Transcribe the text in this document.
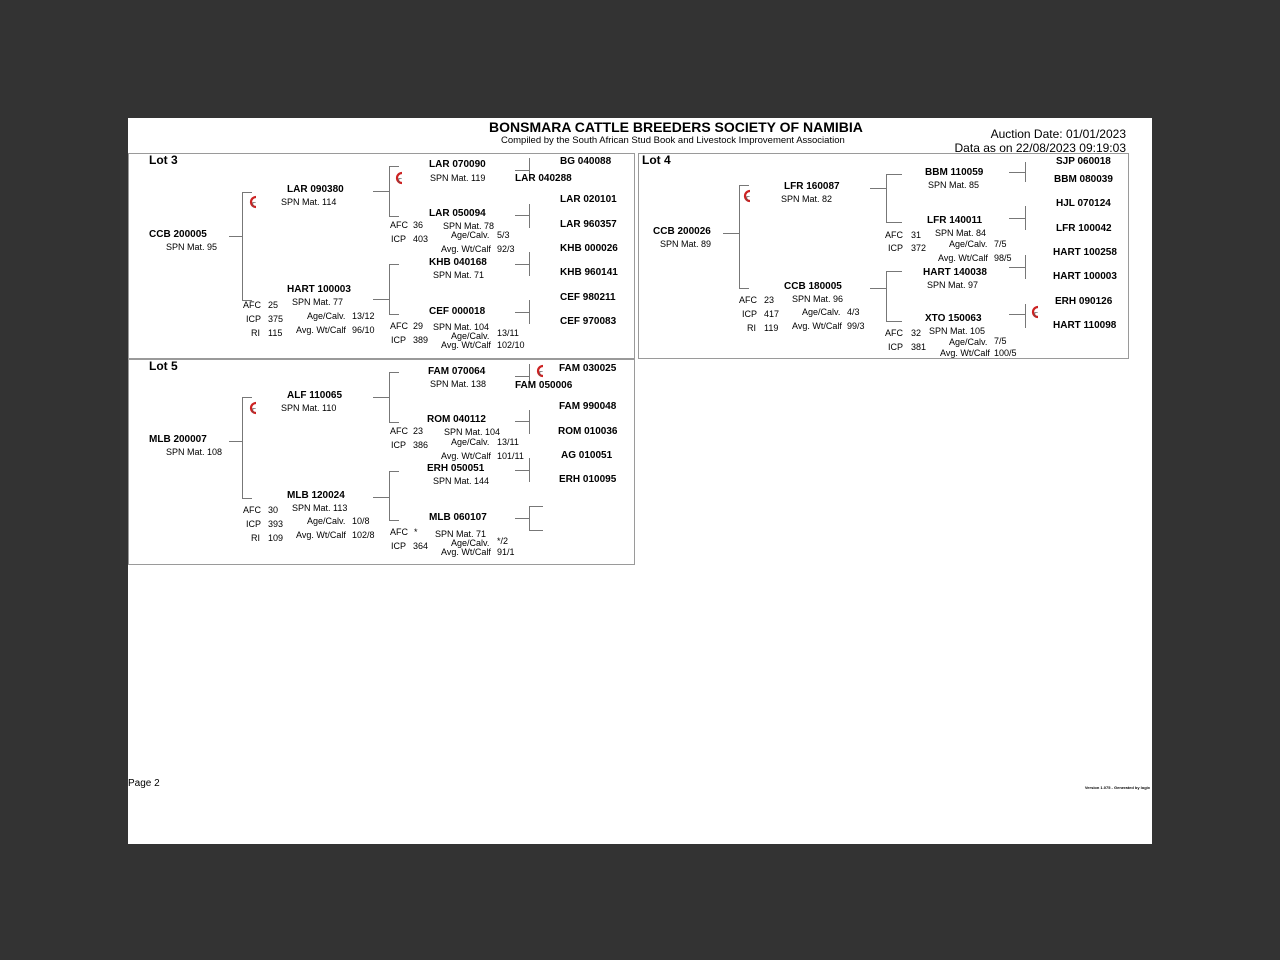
BONSMARA CATTLE BREEDERS SOCIETY OF NAMIBIA
Compiled by the South African Stud Book and Livestock Improvement Association	Auction Date: 01/01/2023
Data as on 22/08/2023 09:19:03
Lot 3
CCB 200005
SPN Mat. 95
Γ
LAR 090380
SPN Mat. 114
Γ
LAR 070090
SPN Mat. 119
LAR 050094
SPN Mat. 78
AFC 36
Age/Calv. 5/3
ICP 403
Avg. Wt/Calf 92/3
HART 100003
SPN Mat. 77
AFC 25
Age/Calv. 13/12
ICP 375
Avg. Wt/Calf 96/10
RI 115
KHB 040168
SPN Mat. 71
CEF 000018
SPN Mat. 104
AFC 29
Age/Calv. 13/11
ICP 389 Avg. Wt/Calf 102/10
BG 040088
LAR 040288
LAR 020101
LAR 960357
KHB 000026
KHB 960141
CEF 980211
CEF 970083
Lot 4
CCB 200026
SPN Mat. 89
Γ
LFR 160087
SPN Mat. 82
BBM 110059
SPN Mat. 85
LFR 140011
SPN Mat. 84
AFC 31
Age/Calv. 7/5
ICP 372
Avg. Wt/Calf 98/5
CCB 180005
SPN Mat. 96
AFC 23
Age/Calv. 4/3
ICP 417
Avg. Wt/Calf 99/3
RI 119
HART 140038
SPN Mat. 97
XTO 150063
SPN Mat. 105
AFC 32
Age/Calv. 7/5
ICP 381
Avg. Wt/Calf 100/5
Γ
SJP 060018
BBM 080039
HJL 070124
LFR 100042
HART 100258
HART 100003
ERH 090126
HART 110098
Lot 5
MLB 200007
SPN Mat. 108
Γ
ALF 110065
SPN Mat. 110
FAM 070064
SPN Mat. 138
Γ
ROM 040112
SPN Mat. 104
AFC 23
Age/Calv. 13/11
ICP 386
Avg. Wt/Calf 101/11
MLB 120024
SPN Mat. 113
AFC 30
Age/Calv. 10/8
ICP 393
Avg. Wt/Calf 102/8
RI 109
ERH 050051
SPN Mat. 144
MLB 060107
SPN Mat. 71
AFC *
Age/Calv. */2
ICP 364
Avg. Wt/Calf 91/1
FAM 030025
FAM 050006
FAM 990048
ROM 010036
AG 010051
ERH 010095
Page 2	Version 1.075 - Generated by logix
